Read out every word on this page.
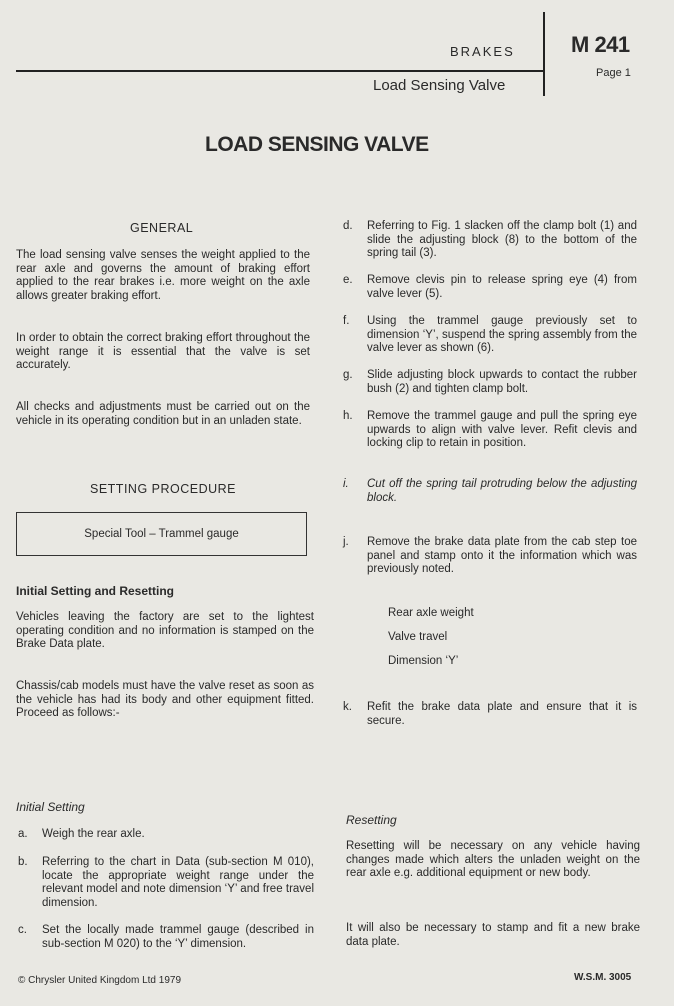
BRAKES
Load Sensing Valve
M 241
Page 1
LOAD SENSING VALVE
GENERAL
The load sensing valve senses the weight applied to the rear axle and governs the amount of braking effort applied to the rear brakes i.e. more weight on the axle allows greater braking effort.
In order to obtain the correct braking effort throughout the weight range it is essential that the valve is set accurately.
All checks and adjustments must be carried out on the vehicle in its operating condition but in an unladen state.
SETTING PROCEDURE
Special Tool – Trammel gauge
Initial Setting and Resetting
Vehicles leaving the factory are set to the lightest operating condition and no information is stamped on the Brake Data plate.
Chassis/cab models must have the valve reset as soon as the vehicle has had its body and other equipment fitted. Proceed as follows:-
Initial Setting
a. Weigh the rear axle.
b. Referring to the chart in Data (sub-section M 010), locate the appropriate weight range under the relevant model and note dimension ‘Y’ and free travel dimension.
c. Set the locally made trammel gauge (described in sub-section M 020) to the ‘Y’ dimension.
d. Referring to Fig. 1 slacken off the clamp bolt (1) and slide the adjusting block (8) to the bottom of the spring tail (3).
e. Remove clevis pin to release spring eye (4) from valve lever (5).
f. Using the trammel gauge previously set to dimension ‘Y’, suspend the spring assembly from the valve lever as shown (6).
g. Slide adjusting block upwards to contact the rubber bush (2) and tighten clamp bolt.
h. Remove the trammel gauge and pull the spring eye upwards to align with valve lever. Refit clevis and locking clip to retain in position.
i. Cut off the spring tail protruding below the adjusting block.
j. Remove the brake data plate from the cab step toe panel and stamp onto it the information which was previously noted.
Rear axle weight
Valve travel
Dimension ‘Y’
k. Refit the brake data plate and ensure that it is secure.
Resetting
Resetting will be necessary on any vehicle having changes made which alters the unladen weight on the rear axle e.g. additional equipment or new body.
It will also be necessary to stamp and fit a new brake data plate.
© Chrysler United Kingdom Ltd 1979	W.S.M. 3005
